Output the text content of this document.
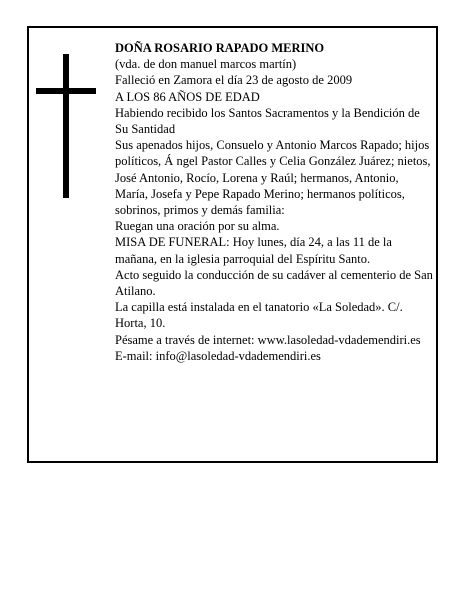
DOÑA ROSARIO RAPADO MERINO

(vda. de don manuel marcos martín)

Falleció en Zamora el día 23 de agosto de 2009

A LOS 86 AÑOS DE EDAD

Habiendo recibido los Santos Sacramentos y la Bendición de Su Santidad

Sus apenados hijos, Consuelo y Antonio Marcos Rapado; hijos políticos, Á ngel Pastor Calles y Celia González Juárez; nietos, José Antonio, Rocío, Lorena y Raúl; hermanos, Antonio, María, Josefa y Pepe Rapado Merino; hermanos políticos, sobrinos, primos y demás familia:

Ruegan una oración por su alma.

MISA DE FUNERAL: Hoy lunes, día 24, a las 11 de la mañana, en la iglesia parroquial del Espíritu Santo.

Acto seguido la conducción de su cadáver al cementerio de San Atilano.

La capilla está instalada en el tanatorio «La Soledad». C/. Horta, 10.

Pésame a través de internet: www.lasoledad-vdademendiri.es

E-mail: info@lasoledad-vdademendiri.es
